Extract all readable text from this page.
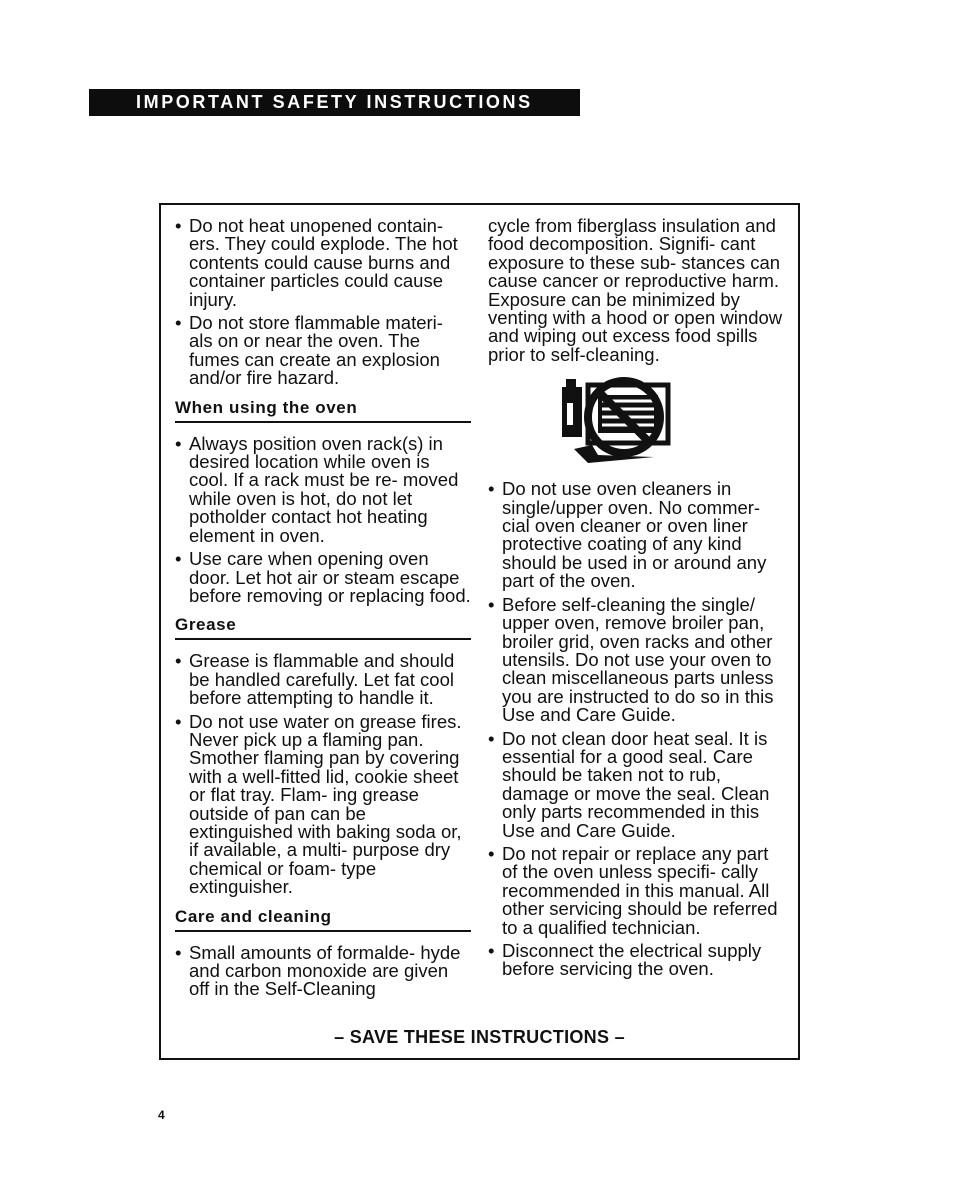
IMPORTANT SAFETY INSTRUCTIONS
• Do not heat unopened contain- ers. They could explode. The hot contents could cause burns and container particles could cause injury.
• Do not store flammable materi- als on or near the oven. The fumes can create an explosion and/or fire hazard.
When using the oven
• Always position oven rack(s) in desired location while oven is cool. If a rack must be re- moved while oven is hot, do not let potholder contact hot heating element in oven.
• Use care when opening oven door. Let hot air or steam escape before removing or replacing food.
Grease
• Grease is flammable and should be handled carefully. Let fat cool before attempting to handle it.
• Do not use water on grease fires. Never pick up a flaming pan. Smother flaming pan by covering with a well-fitted lid, cookie sheet or flat tray. Flam- ing grease outside of pan can be extinguished with baking soda or, if available, a multi- purpose dry chemical or foam- type extinguisher.
Care and cleaning
• Small amounts of formalde- hyde and carbon monoxide are given off in the Self-Cleaning

cycle from fiberglass insulation and food decomposition. Signifi- cant exposure to these sub- stances can cause cancer or reproductive harm. Exposure can be minimized by venting with a hood or open window and wiping out excess food spills prior to self-cleaning.

• Do not use oven cleaners in single/upper oven. No commer- cial oven cleaner or oven liner protective coating of any kind should be used in or around any part of the oven.
• Before self-cleaning the single/ upper oven, remove broiler pan, broiler grid, oven racks and other utensils. Do not use your oven to clean miscellaneous parts unless you are instructed to do so in this Use and Care Guide.
• Do not clean door heat seal. It is essential for a good seal. Care should be taken not to rub, damage or move the seal. Clean only parts recommended in this Use and Care Guide.
• Do not repair or replace any part of the oven unless specifi- cally recommended in this manual. All other servicing should be referred to a qualified technician.
• Disconnect the electrical supply before servicing the oven.
– SAVE THESE INSTRUCTIONS –
4
